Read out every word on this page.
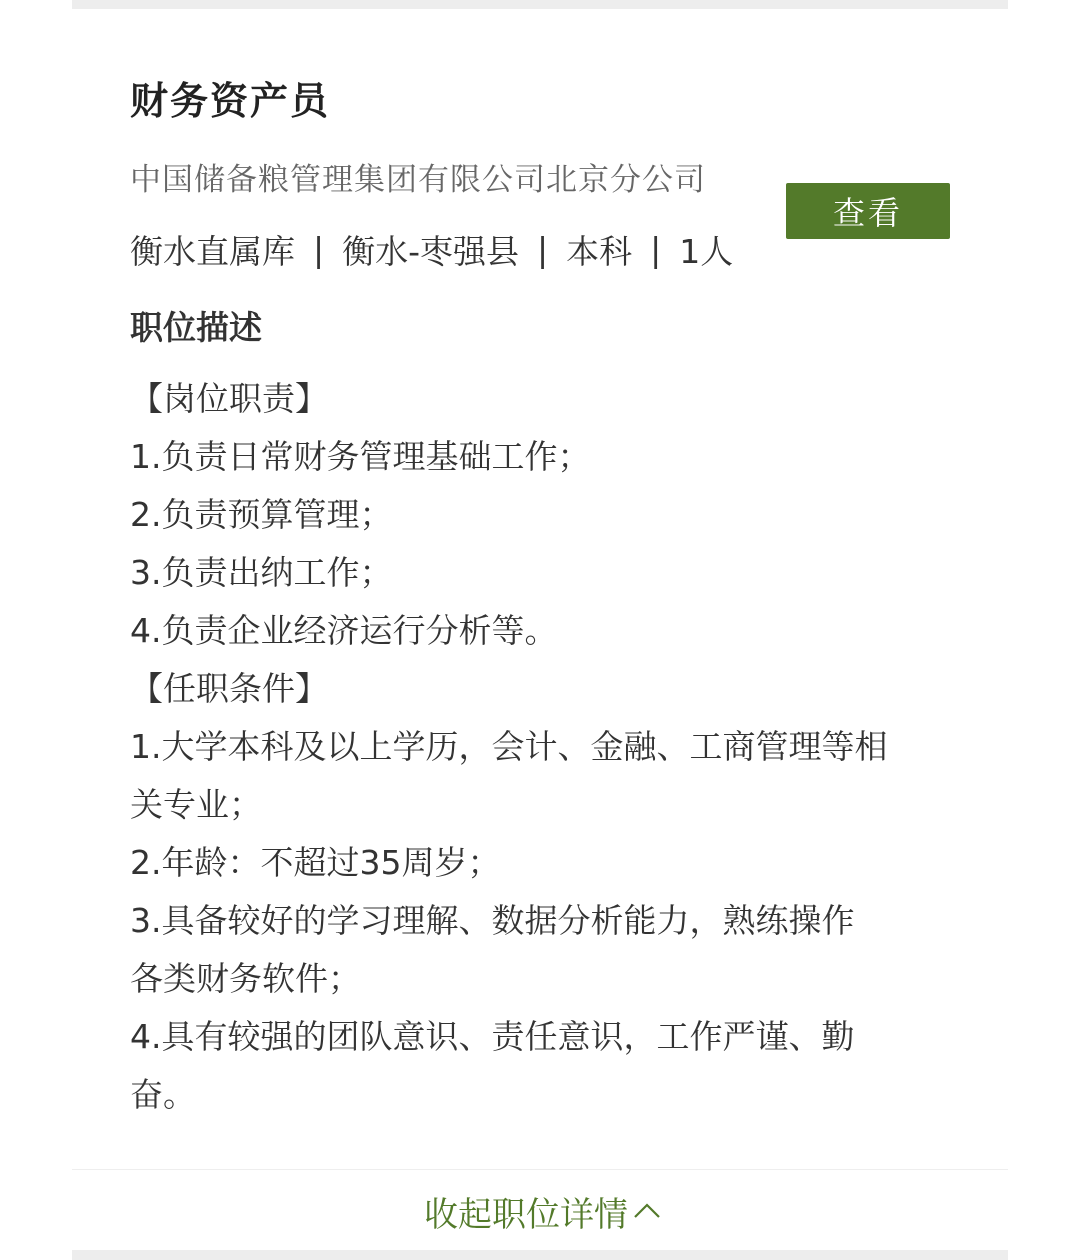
财务资产员
中国储备粮管理集团有限公司北京分公司
衡水直属库 | 衡水-枣强县 | 本科 | 1人
查看
职位描述
【岗位职责】
1.负责日常财务管理基础工作；
2.负责预算管理；
3.负责出纳工作；
4.负责企业经济运行分析等。
【任职条件】
1.大学本科及以上学历，会计、金融、工商管理等相
关专业；
2.年龄：不超过35周岁；
3.具备较好的学习理解、数据分析能力，熟练操作
各类财务软件；
4.具有较强的团队意识、责任意识，工作严谨、勤
奋。
收起职位详情
